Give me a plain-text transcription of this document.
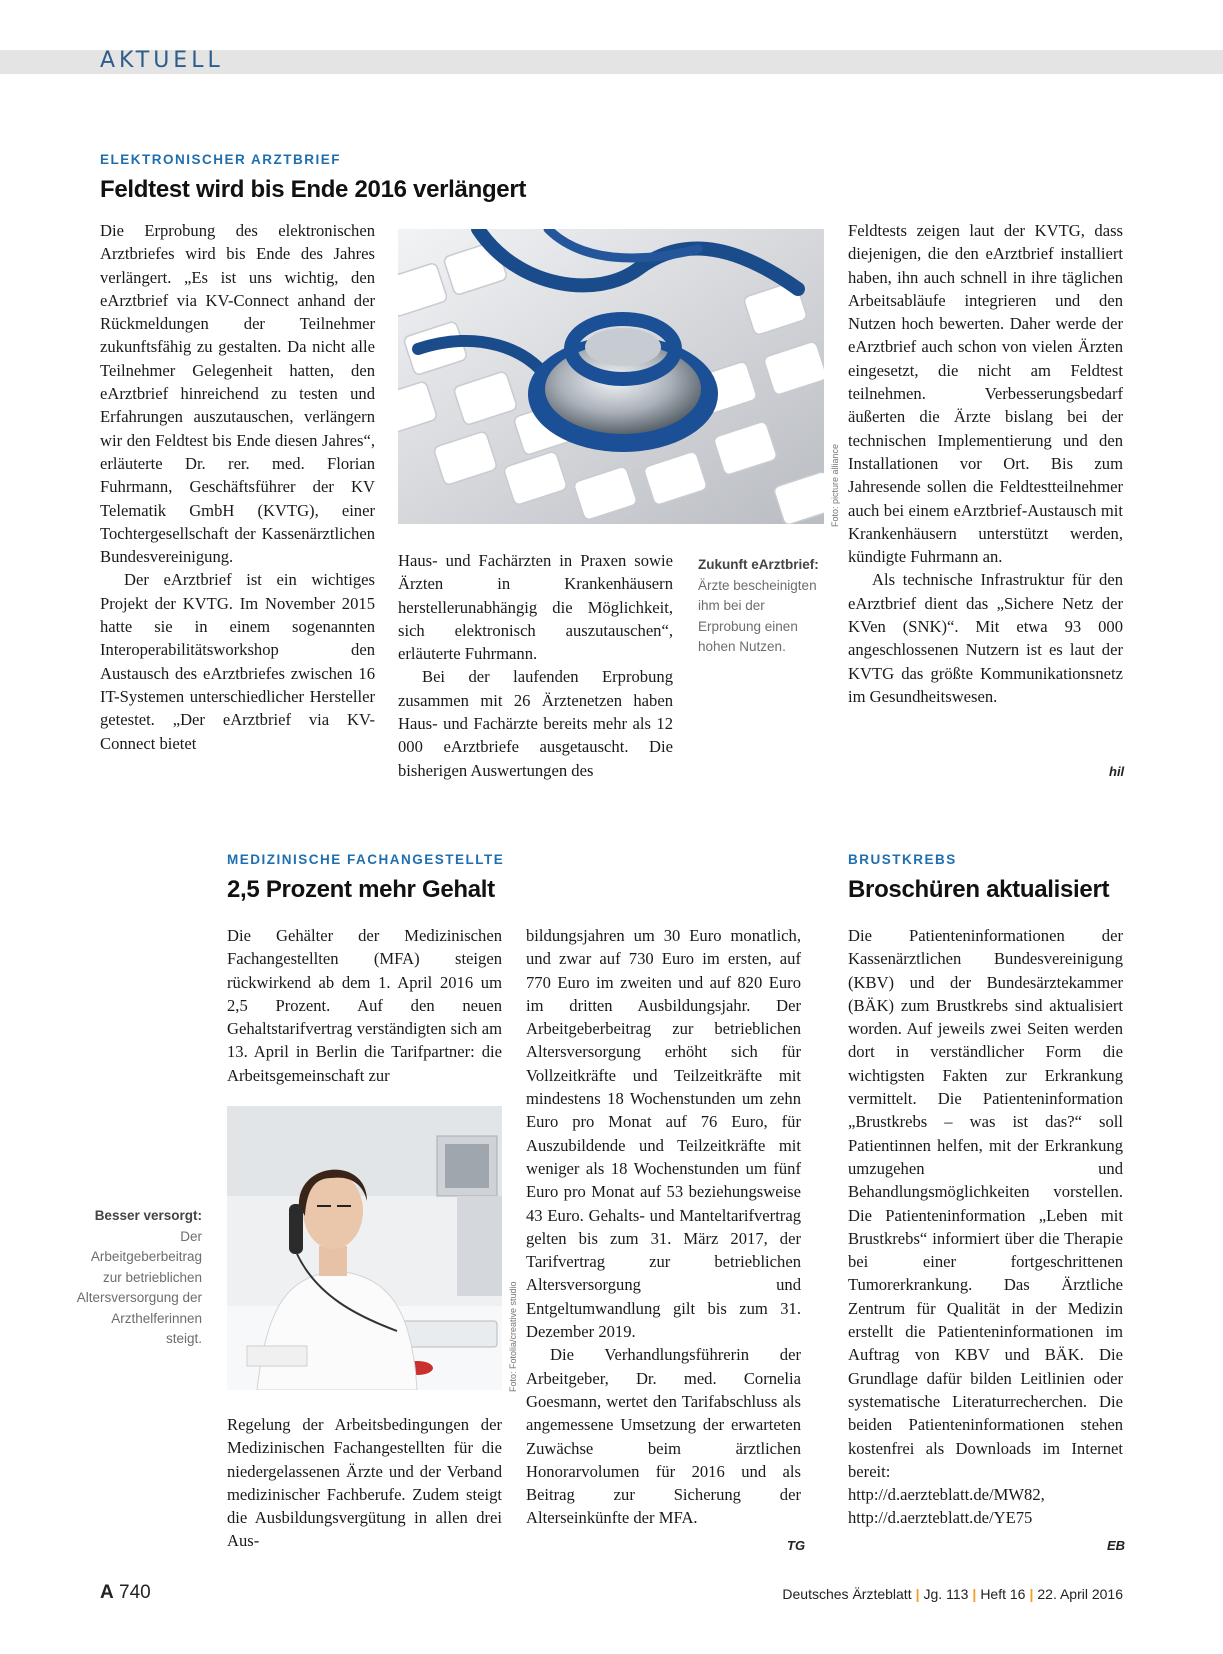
AKTUELL
ELEKTRONISCHER ARZTBRIEF
Feldtest wird bis Ende 2016 verlängert

Die Erprobung des elektronischen Arztbriefes wird bis Ende des Jahres verlängert. „Es ist uns wichtig, den eArztbrief via KV-Connect anhand der Rückmeldungen der Teilnehmer zukunftsfähig zu gestalten. Da nicht alle Teilnehmer Gelegenheit hatten, den eArztbrief hinreichend zu testen und Erfahrungen auszutauschen, verlängern wir den Feldtest bis Ende diesen Jahres“, erläuterte Dr. rer. med. Florian Fuhrmann, Geschäftsführer der KV Telematik GmbH (KVTG), einer Tochtergesellschaft der Kassenärztlichen Bundesvereinigung.

Der eArztbrief ist ein wichtiges Projekt der KVTG. Im November 2015 hatte sie in einem sogenannten Interoperabilitätsworkshop den Austausch des eArztbriefes zwischen 16 IT-Systemen unterschiedlicher Hersteller getestet. „Der eArztbrief via KV-Connect bietet

Foto: picture alliance

Haus- und Fachärzten in Praxen sowie Ärzten in Krankenhäusern herstellerunabhängig die Möglichkeit, sich elektronisch auszutauschen“, erläuterte Fuhrmann.

Bei der laufenden Erprobung zusammen mit 26 Ärztenetzen haben Haus- und Fachärzte bereits mehr als 12 000 eArztbriefe ausgetauscht. Die bisherigen Auswertungen des

Zukunft eArztbrief: Ärzte bescheinigten ihm bei der Erprobung einen hohen Nutzen.

Feldtests zeigen laut der KVTG, dass diejenigen, die den eArztbrief installiert haben, ihn auch schnell in ihre täglichen Arbeitsabläufe integrieren und den Nutzen hoch bewerten. Daher werde der eArztbrief auch schon von vielen Ärzten eingesetzt, die nicht am Feldtest teilnehmen. Verbesserungsbedarf äußerten die Ärzte bislang bei der technischen Implementierung und den Installationen vor Ort. Bis zum Jahresende sollen die Feldtestteilnehmer auch bei einem eArztbrief-Austausch mit Krankenhäusern unterstützt werden, kündigte Fuhrmann an.

Als technische Infrastruktur für den eArztbrief dient das „Sichere Netz der KVen (SNK)“. Mit etwa 93 000 angeschlossenen Nutzern ist es laut der KVTG das größte Kommunikationsnetz im Gesundheitswesen.

hil
MEDIZINISCHE FACHANGESTELLTE
2,5 Prozent mehr Gehalt

Die Gehälter der Medizinischen Fachangestellten (MFA) steigen rückwirkend ab dem 1. April 2016 um 2,5 Prozent. Auf den neuen Gehaltstarifvertrag verständigten sich am 13. April in Berlin die Tarifpartner: die Arbeitsgemeinschaft zur

Foto: Fotolia/creative studio
Besser versorgt: Der Arbeitgeberbeitrag zur betrieblichen Altersversorgung der Arzthelferinnen steigt.

Regelung der Arbeitsbedingungen der Medizinischen Fachangestellten für die niedergelassenen Ärzte und der Verband medizinischer Fachberufe. Zudem steigt die Ausbildungsvergütung in allen drei Aus-

bildungsjahren um 30 Euro monatlich, und zwar auf 730 Euro im ersten, auf 770 Euro im zweiten und auf 820 Euro im dritten Ausbildungsjahr. Der Arbeitgeberbeitrag zur betrieblichen Altersversorgung erhöht sich für Vollzeitkräfte und Teilzeitkräfte mit mindestens 18 Wochenstunden um zehn Euro pro Monat auf 76 Euro, für Auszubildende und Teilzeitkräfte mit weniger als 18 Wochenstunden um fünf Euro pro Monat auf 53 beziehungsweise 43 Euro. Gehalts- und Manteltarifvertrag gelten bis zum 31. März 2017, der Tarifvertrag zur betrieblichen Altersversorgung und Entgeltumwandlung gilt bis zum 31. Dezember 2019.

Die Verhandlungsführerin der Arbeitgeber, Dr. med. Cornelia Goesmann, wertet den Tarifabschluss als angemessene Umsetzung der erwarteten Zuwächse beim ärztlichen Honorarvolumen für 2016 und als Beitrag zur Sicherung der Alterseinkünfte der MFA.

TG
BRUSTKREBS
Broschüren aktualisiert

Die Patienteninformationen der Kassenärztlichen Bundesvereinigung (KBV) und der Bundesärztekammer (BÄK) zum Brustkrebs sind aktualisiert worden. Auf jeweils zwei Seiten werden dort in verständlicher Form die wichtigsten Fakten zur Erkrankung vermittelt. Die Patienteninformation „Brustkrebs – was ist das?“ soll Patientinnen helfen, mit der Erkrankung umzugehen und Behandlungsmöglichkeiten vorstellen. Die Patienteninformation „Leben mit Brustkrebs“ informiert über die Therapie bei einer fortgeschrittenen Tumorerkrankung. Das Ärztliche Zentrum für Qualität in der Medizin erstellt die Patienteninformationen im Auftrag von KBV und BÄK. Die Grundlage dafür bilden Leitlinien oder systematische Literaturrecherchen. Die beiden Patienteninformationen stehen kostenfrei als Downloads im Internet bereit:

http://d.aerzteblatt.de/MW82,

http://d.aerzteblatt.de/YE75

EB
A 740	Deutsches Ärzteblatt | Jg. 113 | Heft 16 | 22. April 2016
